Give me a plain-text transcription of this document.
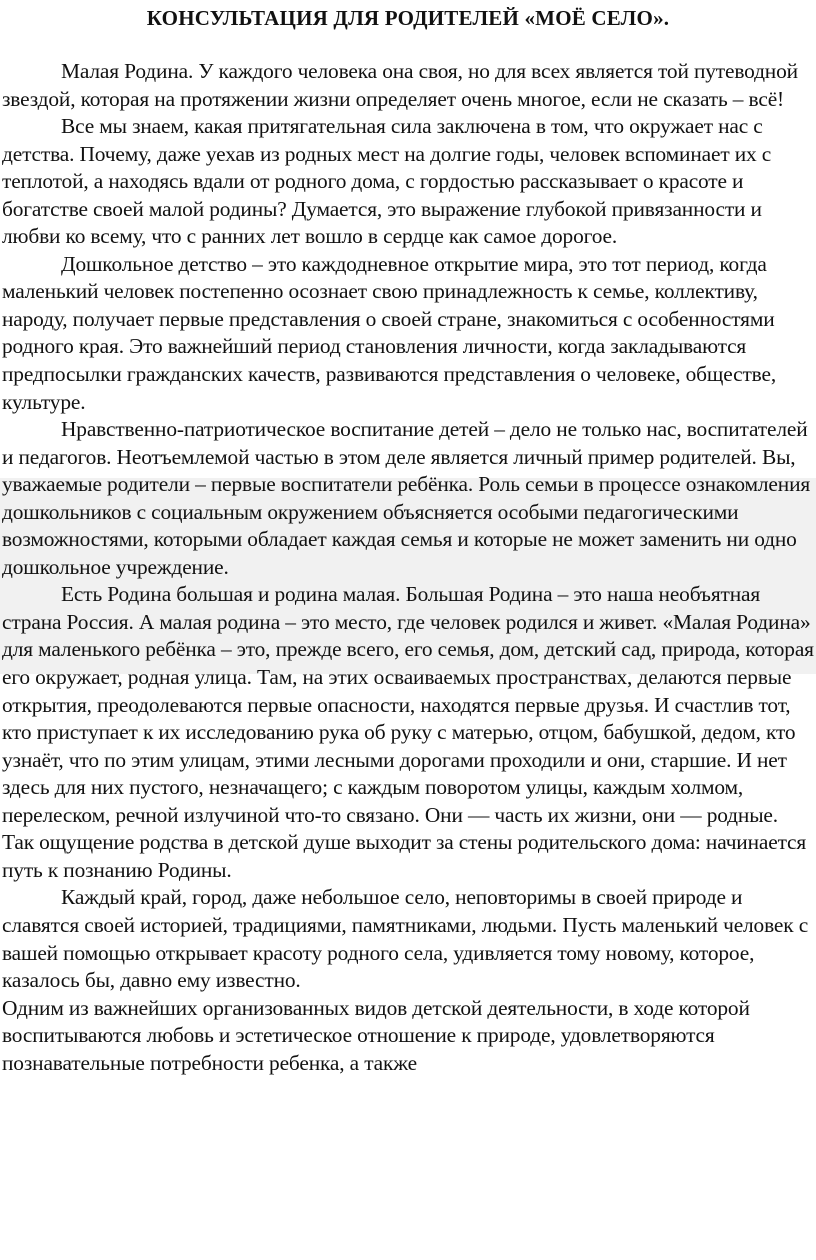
КОНСУЛЬТАЦИЯ ДЛЯ РОДИТЕЛЕЙ «МОЁ СЕЛО».

Малая Родина. У каждого человека она своя, но для всех является той путеводной звездой, которая на протяжении жизни определяет очень многое, если не сказать – всё!

Все мы знаем, какая притягательная сила заключена в том, что окружает нас с детства. Почему, даже уехав из родных мест на долгие годы, человек вспоминает их с теплотой, а находясь вдали от родного дома, с гордостью рассказывает о красоте и богатстве своей малой родины? Думается, это выражение глубокой привязанности и любви ко всему, что с ранних лет вошло в сердце как самое дорогое.

Дошкольное детство – это каждодневное открытие мира, это тот период, когда маленький человек постепенно осознает свою принадлежность к семье, коллективу, народу, получает первые представления о своей стране, знакомиться с особенностями родного края. Это важнейший период становления личности, когда закладываются предпосылки гражданских качеств, развиваются представления о человеке, обществе, культуре.

Нравственно-патриотическое воспитание детей – дело не только нас, воспитателей и педагогов. Неотъемлемой частью в этом деле является личный пример родителей. Вы, уважаемые родители – первые воспитатели ребёнка. Роль семьи в процессе ознакомления дошкольников с социальным окружением объясняется особыми педагогическими возможностями, которыми обладает каждая семья и которые не может заменить ни одно дошкольное учреждение.

Есть Родина большая и родина малая. Большая Родина – это наша необъятная страна Россия. А малая родина – это место, где человек родился и живет. «Малая Родина» для маленького ребёнка – это, прежде всего, его семья, дом, детский сад, природа, которая его окружает, родная улица. Там, на этих осваиваемых пространствах, делаются первые открытия, преодолеваются первые опасности, находятся первые друзья. И счастлив тот, кто приступает к их исследованию рука об руку с матерью, отцом, бабушкой, дедом, кто узнаёт, что по этим улицам, этими лесными дорогами проходили и они, старшие. И нет здесь для них пустого, незначащего; с каждым поворотом улицы, каждым холмом, перелеском, речной излучиной что-то связано. Они — часть их жизни, они — родные. Так ощущение родства в детской душе выходит за стены родительского дома: начинается путь к познанию Родины.

Каждый край, город, даже небольшое село, неповторимы в своей природе и славятся своей историей, традициями, памятниками, людьми. Пусть маленький человек с вашей помощью открывает красоту родного села, удивляется тому новому, которое, казалось бы, давно ему известно.

Одним из важнейших организованных видов детской деятельности, в ходе которой воспитываются любовь и эстетическое отношение к природе, удовлетворяются познавательные потребности ребенка, а также
